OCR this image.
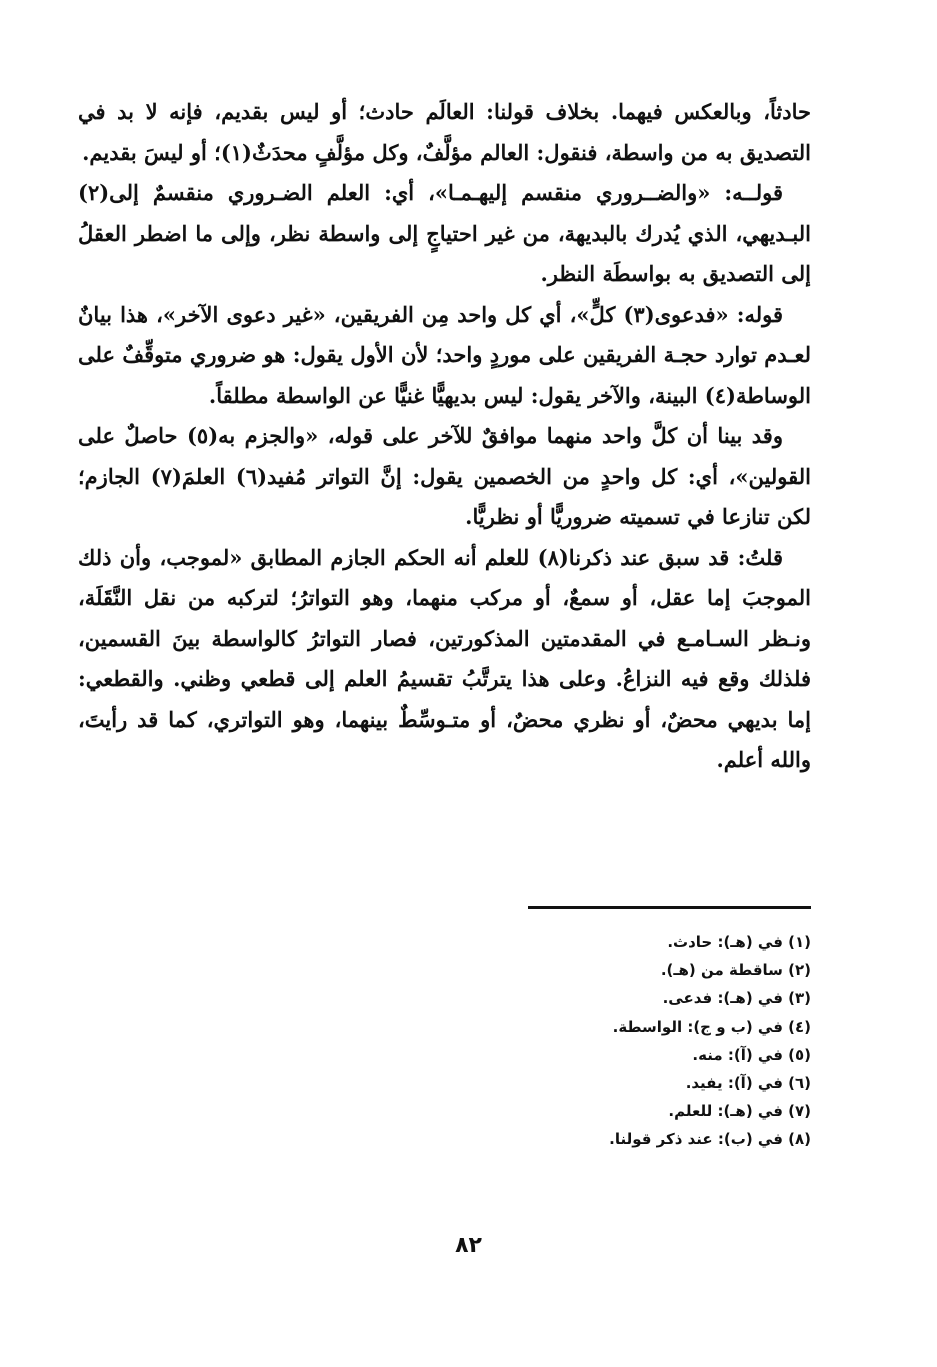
حادثاً، وبالعكس فيهما. بخلاف قولنا: العالَم حادث؛ أو ليس بقديم، فإنه لا بد في التصديق به من واسطة، فنقول: العالم مؤلَّفٌ، وكل مؤلَّفٍ محدَثٌ(١)؛ أو ليسَ بقديم.

قولــه: «والضــروري منقسم إليهـمـا»، أي: العلم الضـروري منقسمٌ إلى(٢) البـديهي، الذي يُدرك بالبديهة، من غير احتياجٍ إلى واسطة نظر، وإلى ما اضطر العقلُ إلى التصديق به بواسطَة النظر.

قوله: «فدعوى(٣) كلٍّ»، أي كل واحد مِن الفريقين، «غير دعوى الآخر»، هذا بيانٌ لعـدم توارد حجـة الفريقين على موردٍ واحد؛ لأن الأول يقول: هو ضروري متوقِّفٌ على الوساطة(٤) البينة، والآخر يقول: ليس بديهيًّا غنيًّا عن الواسطة مطلقاً.

وقد بينا أن كلَّ واحد منهما موافقٌ للآخر على قوله، «والجزم به(٥) حاصلٌ على القولين»، أي: كل واحدٍ من الخصمين يقول: إنَّ التواتر مُفيد(٦) العلمَ(٧) الجازم؛ لكن تنازعا في تسميته ضروريًّا أو نظريًّا.

قلتُ: قد سبق عند ذكرنا(٨) للعلم أنه الحكم الجازم المطابق «لموجب، وأن ذلك الموجبَ إما عقل، أو سمعٌ، أو مركب منهما، وهو التواترُ؛ لتركبه من نقل النَّقَلَة، ونـظر السـامـع في المقدمتين المذكورتين، فصار التواترُ كالواسطة بينَ القسمين، فلذلك وقع فيه النزاعُ. وعلى هذا يترتَّبُ تقسيمُ العلم إلى قطعي وظني. والقطعي: إما بديهي محضٌ، أو نظري محضٌ، أو متـوسِّطٌ بينهما، وهو التواتري، كما قد رأيتَ، والله أعلم.

(١) في (هـ): حادث.
(٢) ساقطة من (هـ).
(٣) في (هـ): فدعى.
(٤) في (ب و ج): الواسطة.
(٥) في (آ): منه.
(٦) في (آ): يفيد.
(٧) في (هـ): للعلم.
(٨) في (ب): عند ذكر قولنا.
٨٢
